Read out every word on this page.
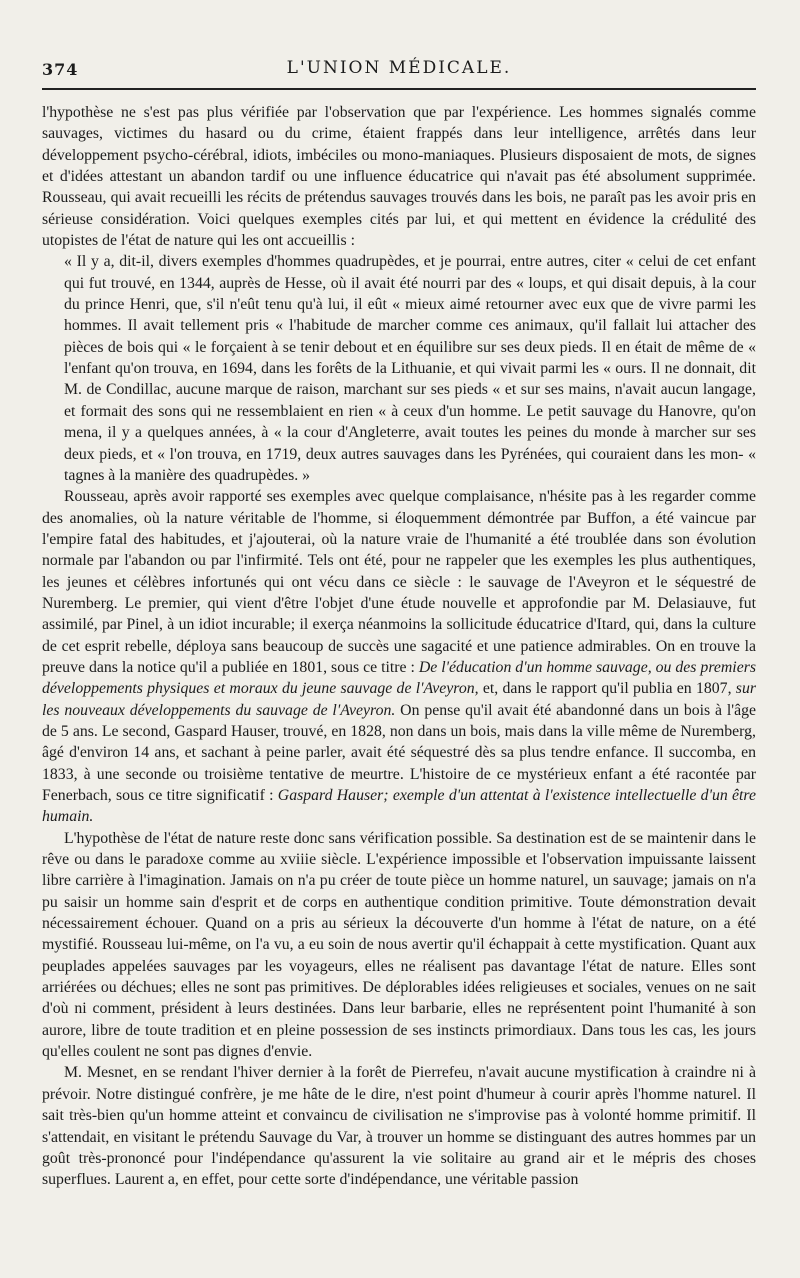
374	L'UNION MÉDICALE.

l'hypothèse ne s'est pas plus vérifiée par l'observation que par l'expérience. Les hommes signalés comme sauvages, victimes du hasard ou du crime, étaient frappés dans leur intelligence, arrêtés dans leur développement psycho-cérébral, idiots, imbéciles ou mono-maniaques. Plusieurs disposaient de mots, de signes et d'idées attestant un abandon tardif ou une influence éducatrice qui n'avait pas été absolument supprimée. Rousseau, qui avait recueilli les récits de prétendus sauvages trouvés dans les bois, ne paraît pas les avoir pris en sérieuse considération. Voici quelques exemples cités par lui, et qui mettent en évidence la crédulité des utopistes de l'état de nature qui les ont accueillis :

« Il y a, dit-il, divers exemples d'hommes quadrupèdes, et je pourrai, entre autres, citer « celui de cet enfant qui fut trouvé, en 1344, auprès de Hesse, où il avait été nourri par des « loups, et qui disait depuis, à la cour du prince Henri, que, s'il n'eût tenu qu'à lui, il eût « mieux aimé retourner avec eux que de vivre parmi les hommes. Il avait tellement pris « l'habitude de marcher comme ces animaux, qu'il fallait lui attacher des pièces de bois qui « le forçaient à se tenir debout et en équilibre sur ses deux pieds. Il en était de même de « l'enfant qu'on trouva, en 1694, dans les forêts de la Lithuanie, et qui vivait parmi les « ours. Il ne donnait, dit M. de Condillac, aucune marque de raison, marchant sur ses pieds « et sur ses mains, n'avait aucun langage, et formait des sons qui ne ressemblaient en rien « à ceux d'un homme. Le petit sauvage du Hanovre, qu'on mena, il y a quelques années, à « la cour d'Angleterre, avait toutes les peines du monde à marcher sur ses deux pieds, et « l'on trouva, en 1719, deux autres sauvages dans les Pyrénées, qui couraient dans les mon- « tagnes à la manière des quadrupèdes. »

Rousseau, après avoir rapporté ses exemples avec quelque complaisance, n'hésite pas à les regarder comme des anomalies, où la nature véritable de l'homme, si éloquemment démontrée par Buffon, a été vaincue par l'empire fatal des habitudes, et j'ajouterai, où la nature vraie de l'humanité a été troublée dans son évolution normale par l'abandon ou par l'infirmité. Tels ont été, pour ne rappeler que les exemples les plus authentiques, les jeunes et célèbres infortunés qui ont vécu dans ce siècle : le sauvage de l'Aveyron et le séquestré de Nuremberg. Le premier, qui vient d'être l'objet d'une étude nouvelle et approfondie par M. Delasiauve, fut assimilé, par Pinel, à un idiot incurable; il exerça néanmoins la sollicitude éducatrice d'Itard, qui, dans la culture de cet esprit rebelle, déploya sans beaucoup de succès une sagacité et une patience admirables. On en trouve la preuve dans la notice qu'il a publiée en 1801, sous ce titre : De l'éducation d'un homme sauvage, ou des premiers développements physiques et moraux du jeune sauvage de l'Aveyron, et, dans le rapport qu'il publia en 1807, sur les nouveaux développements du sauvage de l'Aveyron. On pense qu'il avait été abandonné dans un bois à l'âge de 5 ans. Le second, Gaspard Hauser, trouvé, en 1828, non dans un bois, mais dans la ville même de Nuremberg, âgé d'environ 14 ans, et sachant à peine parler, avait été séquestré dès sa plus tendre enfance. Il succomba, en 1833, à une seconde ou troisième tentative de meurtre. L'histoire de ce mystérieux enfant a été racontée par Fenerbach, sous ce titre significatif : Gaspard Hauser; exemple d'un attentat à l'existence intellectuelle d'un être humain.

L'hypothèse de l'état de nature reste donc sans vérification possible. Sa destination est de se maintenir dans le rêve ou dans le paradoxe comme au xviiie siècle. L'expérience impossible et l'observation impuissante laissent libre carrière à l'imagination. Jamais on n'a pu créer de toute pièce un homme naturel, un sauvage; jamais on n'a pu saisir un homme sain d'esprit et de corps en authentique condition primitive. Toute démonstration devait nécessairement échouer. Quand on a pris au sérieux la découverte d'un homme à l'état de nature, on a été mystifié. Rousseau lui-même, on l'a vu, a eu soin de nous avertir qu'il échappait à cette mystification. Quant aux peuplades appelées sauvages par les voyageurs, elles ne réalisent pas davantage l'état de nature. Elles sont arriérées ou déchues; elles ne sont pas primitives. De déplorables idées religieuses et sociales, venues on ne sait d'où ni comment, président à leurs destinées. Dans leur barbarie, elles ne représentent point l'humanité à son aurore, libre de toute tradition et en pleine possession de ses instincts primordiaux. Dans tous les cas, les jours qu'elles coulent ne sont pas dignes d'envie.

M. Mesnet, en se rendant l'hiver dernier à la forêt de Pierrefeu, n'avait aucune mystification à craindre ni à prévoir. Notre distingué confrère, je me hâte de le dire, n'est point d'humeur à courir après l'homme naturel. Il sait très-bien qu'un homme atteint et convaincu de civilisation ne s'improvise pas à volonté homme primitif. Il s'attendait, en visitant le prétendu Sauvage du Var, à trouver un homme se distinguant des autres hommes par un goût très-prononcé pour l'indépendance qu'assurent la vie solitaire au grand air et le mépris des choses superflues. Laurent a, en effet, pour cette sorte d'indépendance, une véritable passion
